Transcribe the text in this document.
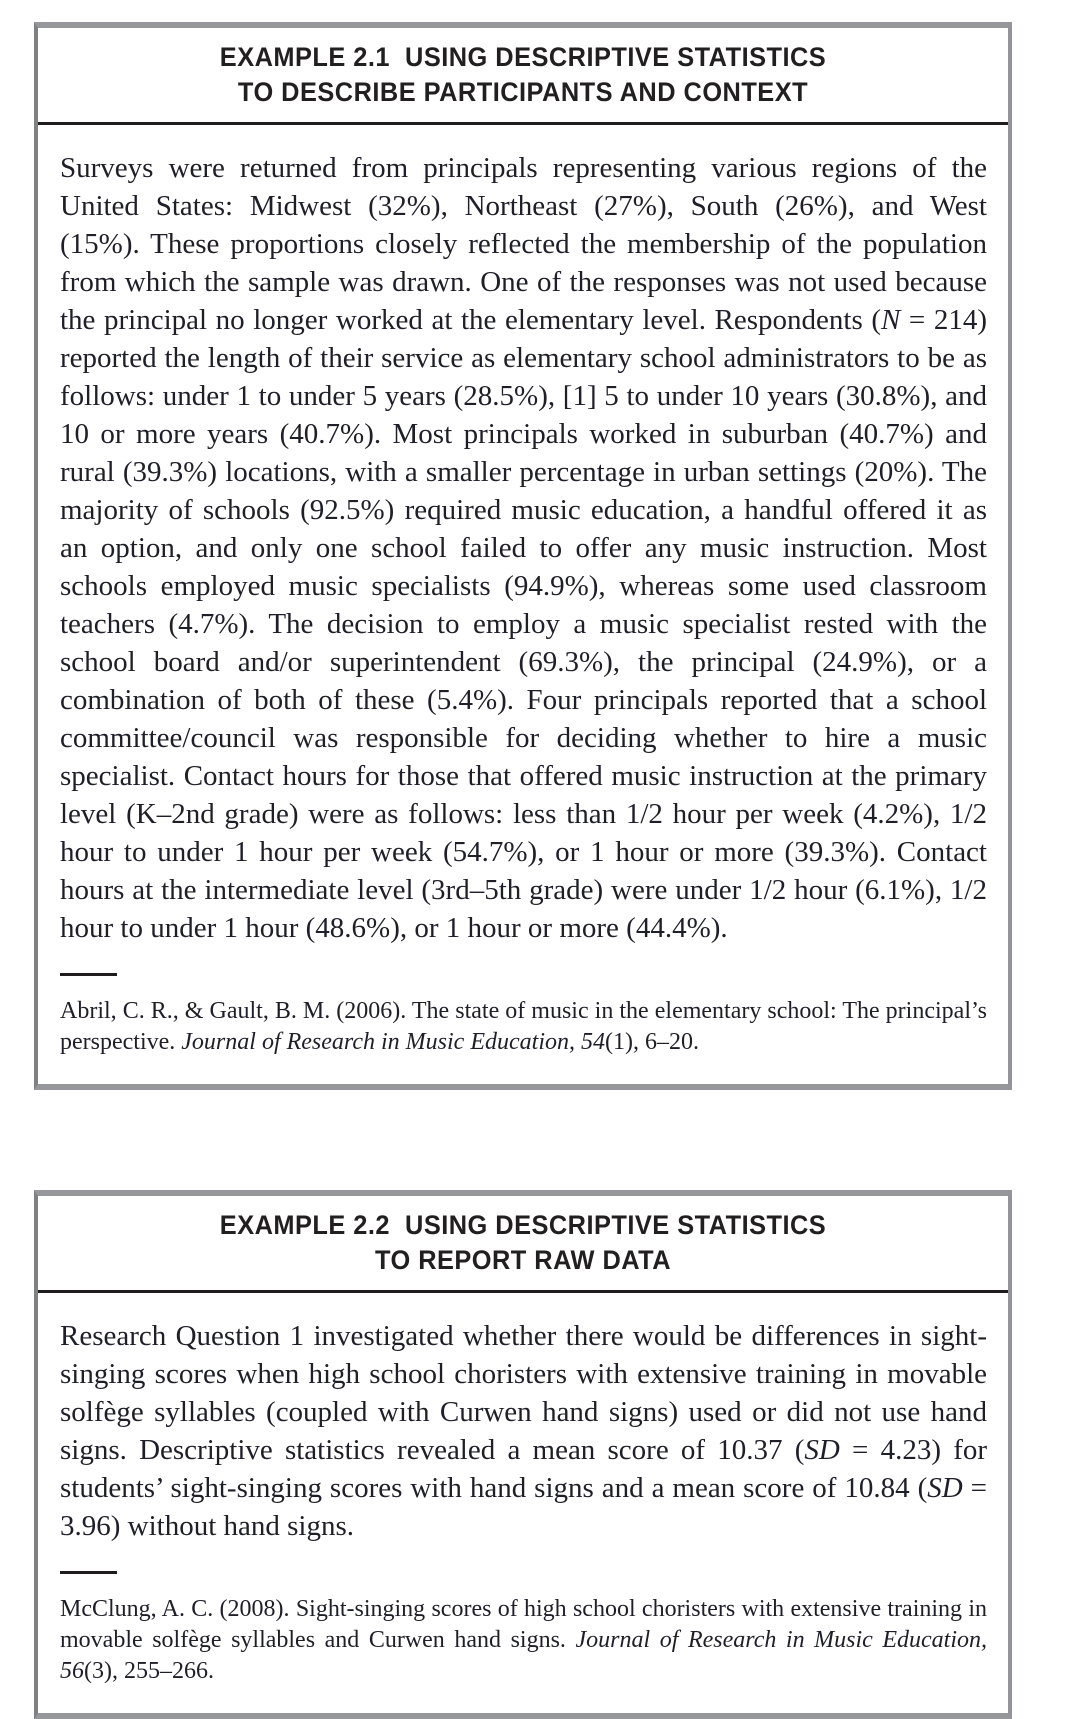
EXAMPLE 2.1  USING DESCRIPTIVE STATISTICS
TO DESCRIBE PARTICIPANTS AND CONTEXT

Surveys were returned from principals representing various regions of the United States: Midwest (32%), Northeast (27%), South (26%), and West (15%). These proportions closely reflected the membership of the population from which the sample was drawn. One of the responses was not used because the principal no longer worked at the elementary level. Respondents (N = 214) reported the length of their service as elementary school administrators to be as follows: under 1 to under 5 years (28.5%), [1] 5 to under 10 years (30.8%), and 10 or more years (40.7%). Most principals worked in suburban (40.7%) and rural (39.3%) locations, with a smaller percentage in urban settings (20%). The majority of schools (92.5%) required music education, a handful offered it as an option, and only one school failed to offer any music instruction. Most schools employed music specialists (94.9%), whereas some used classroom teachers (4.7%). The decision to employ a music specialist rested with the school board and/or superintendent (69.3%), the principal (24.9%), or a combination of both of these (5.4%). Four principals reported that a school committee/council was responsible for deciding whether to hire a music specialist. Contact hours for those that offered music instruction at the primary level (K–2nd grade) were as follows: less than 1/2 hour per week (4.2%), 1/2 hour to under 1 hour per week (54.7%), or 1 hour or more (39.3%). Contact hours at the intermediate level (3rd–5th grade) were under 1/2 hour (6.1%), 1/2 hour to under 1 hour (48.6%), or 1 hour or more (44.4%).

Abril, C. R., & Gault, B. M. (2006). The state of music in the elementary school: The principal’s perspective. Journal of Research in Music Education, 54(1), 6–20.

EXAMPLE 2.2  USING DESCRIPTIVE STATISTICS
TO REPORT RAW DATA

Research Question 1 investigated whether there would be differences in sight-singing scores when high school choristers with extensive training in movable solfège syllables (coupled with Curwen hand signs) used or did not use hand signs. Descriptive statistics revealed a mean score of 10.37 (SD = 4.23) for students’ sight-singing scores with hand signs and a mean score of 10.84 (SD = 3.96) without hand signs.

McClung, A. C. (2008). Sight-singing scores of high school choristers with extensive training in movable solfège syllables and Curwen hand signs. Journal of Research in Music Education, 56(3), 255–266.
